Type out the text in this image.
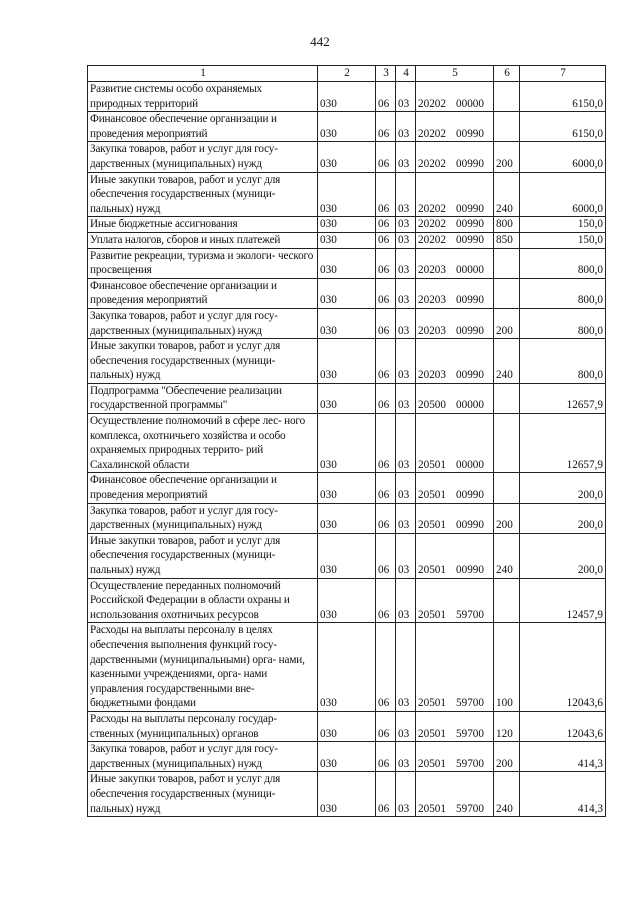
442
1	2	3	4	5	6	7
Развитие системы особо охраняемых природных территорий	030	06	03	20202 00000		6150,0
Финансовое обеспечение организации и проведения мероприятий	030	06	03	20202 00990		6150,0
Закупка товаров, работ и услуг для госу- дарственных (муниципальных) нужд	030	06	03	20202 00990	200	6000,0
Иные закупки товаров, работ и услуг для обеспечения государственных (муници- пальных) нужд	030	06	03	20202 00990	240	6000,0
Иные бюджетные ассигнования	030	06	03	20202 00990	800	150,0
Уплата налогов, сборов и иных платежей	030	06	03	20202 00990	850	150,0
Развитие рекреации, туризма и экологи- ческого просвещения	030	06	03	20203 00000		800,0
Финансовое обеспечение организации и проведения мероприятий	030	06	03	20203 00990		800,0
Закупка товаров, работ и услуг для госу- дарственных (муниципальных) нужд	030	06	03	20203 00990	200	800,0
Иные закупки товаров, работ и услуг для обеспечения государственных (муници- пальных) нужд	030	06	03	20203 00990	240	800,0
Подпрограмма "Обеспечение реализации государственной программы"	030	06	03	20500 00000		12657,9
Осуществление полномочий в сфере лес- ного комплекса, охотничьего хозяйства и особо охраняемых природных террито- рий Сахалинской области	030	06	03	20501 00000		12657,9
Финансовое обеспечение организации и проведения мероприятий	030	06	03	20501 00990		200,0
Закупка товаров, работ и услуг для госу- дарственных (муниципальных) нужд	030	06	03	20501 00990	200	200,0
Иные закупки товаров, работ и услуг для обеспечения государственных (муници- пальных) нужд	030	06	03	20501 00990	240	200,0
Осуществление переданных полномочий Российской Федерации в области охраны и использования охотничьих ресурсов	030	06	03	20501 59700		12457,9
Расходы на выплаты персоналу в целях обеспечения выполнения функций госу- дарственными (муниципальными) орга- нами, казенными учреждениями, орга- нами управления государственными вне- бюджетными фондами	030	06	03	20501 59700	100	12043,6
Расходы на выплаты персоналу государ- ственных (муниципальных) органов	030	06	03	20501 59700	120	12043,6
Закупка товаров, работ и услуг для госу- дарственных (муниципальных) нужд	030	06	03	20501 59700	200	414,3
Иные закупки товаров, работ и услуг для обеспечения государственных (муници- пальных) нужд	030	06	03	20501 59700	240	414,3
